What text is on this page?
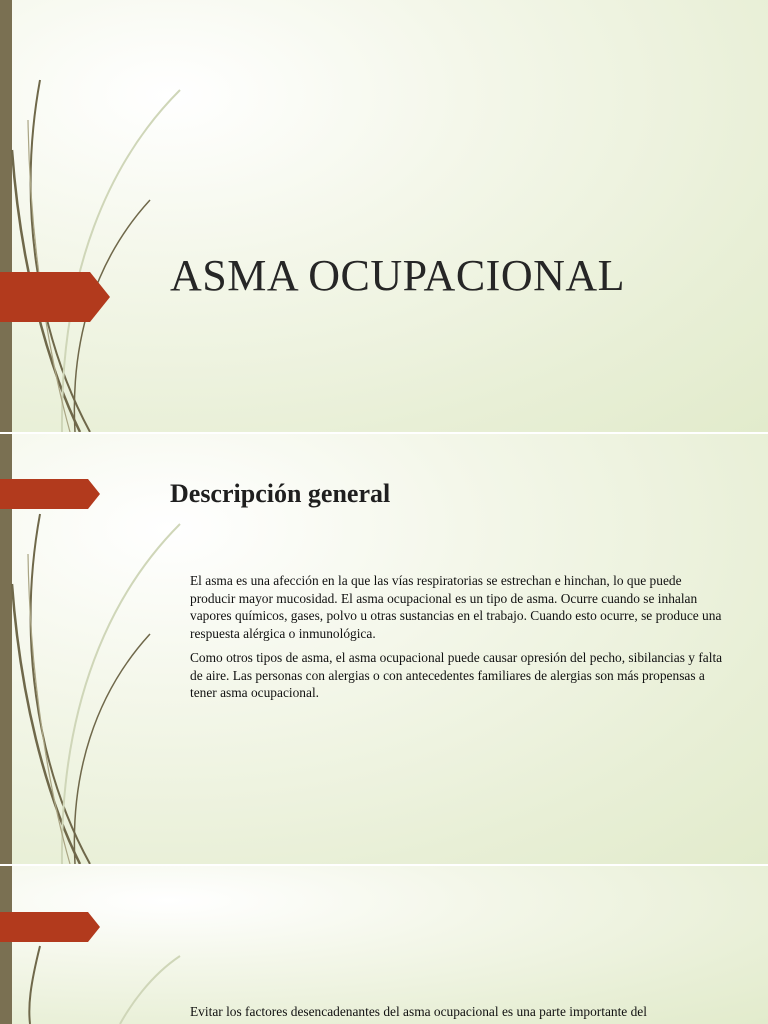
ASMA OCUPACIONAL
Descripción general
El asma es una afección en la que las vías respiratorias se estrechan e hinchan, lo que puede producir mayor mucosidad. El asma ocupacional es un tipo de asma. Ocurre cuando se inhalan vapores químicos, gases, polvo u otras sustancias en el trabajo. Cuando esto ocurre, se produce una respuesta alérgica o inmunológica.
Como otros tipos de asma, el asma ocupacional puede causar opresión del pecho, sibilancias y falta de aire. Las personas con alergias o con antecedentes familiares de alergias son más propensas a tener asma ocupacional.
Evitar los factores desencadenantes del asma ocupacional es una parte importante del
